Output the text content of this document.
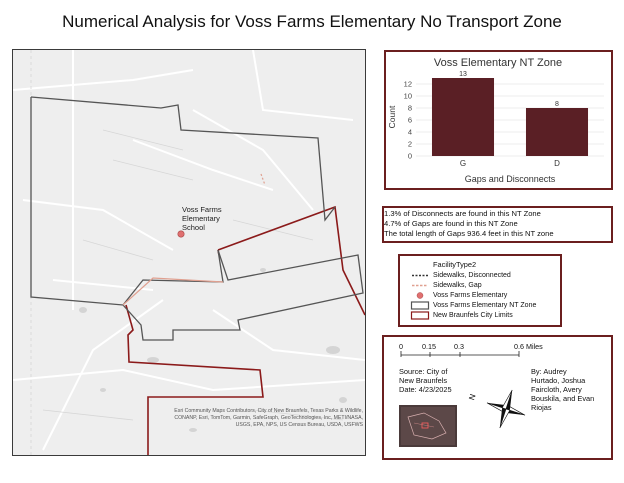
Numerical Analysis for Voss Farms Elementary No Transport Zone
Voss Farms
Elementary
School
Esri Community Maps Contributors, City of New Braunfels, Texas Parks & Wildlife, CONANP, Esri, TomTom, Garmin, SafeGraph, GeoTechnologies, Inc, METI/NASA, USGS, EPA, NPS, US Census Bureau, USDA, USFWS
Voss Elementary NT Zone
0
2
4
6
8
10
12
Count
13
G
8
D
Gaps and Disconnects
1.3% of Disconnects are found in this NT Zone
4.7% of Gaps are found in this NT Zone
The total length of Gaps 936.4 feet in this NT zone
FacilityType2
Sidewalks, Disconnected
Sidewalks, Gap
Voss Farms Elementary
Voss Farms Elementary NT Zone
New Braunfels City Limits
N
0	0.15	0.3	0.6 Miles
Source: City of
New Braunfels
Date: 4/23/2025
By: Audrey
Hurtado, Joshua
Faircloth, Avery
Bouskila, and Evan
Riojas
